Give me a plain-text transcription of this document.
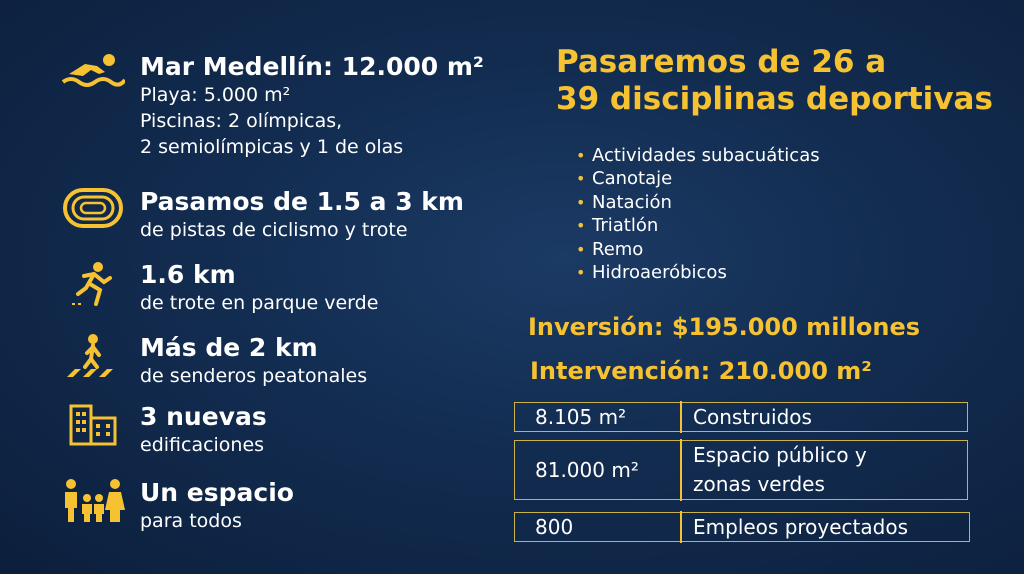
Mar Medellín: 12.000 m²
Playa: 5.000 m²
Piscinas: 2 olímpicas,
2 semiolímpicas y 1 de olas
Pasamos de 1.5 a 3 km
de pistas de ciclismo y trote
1.6 km
de trote en parque verde
Más de 2 km
de senderos peatonales
3 nuevas
edificaciones
Un espacio
para todos
Pasaremos de 26 a
39 disciplinas deportivas
• Actividades subacuáticas
• Canotaje
• Natación
• Triatlón
• Remo
• Hidroaeróbicos
Inversión: $195.000 millones
Intervención: 210.000 m²
8.105 m²	Construidos
81.000 m²
Espacio público y
zonas verdes
800	Empleos proyectados
